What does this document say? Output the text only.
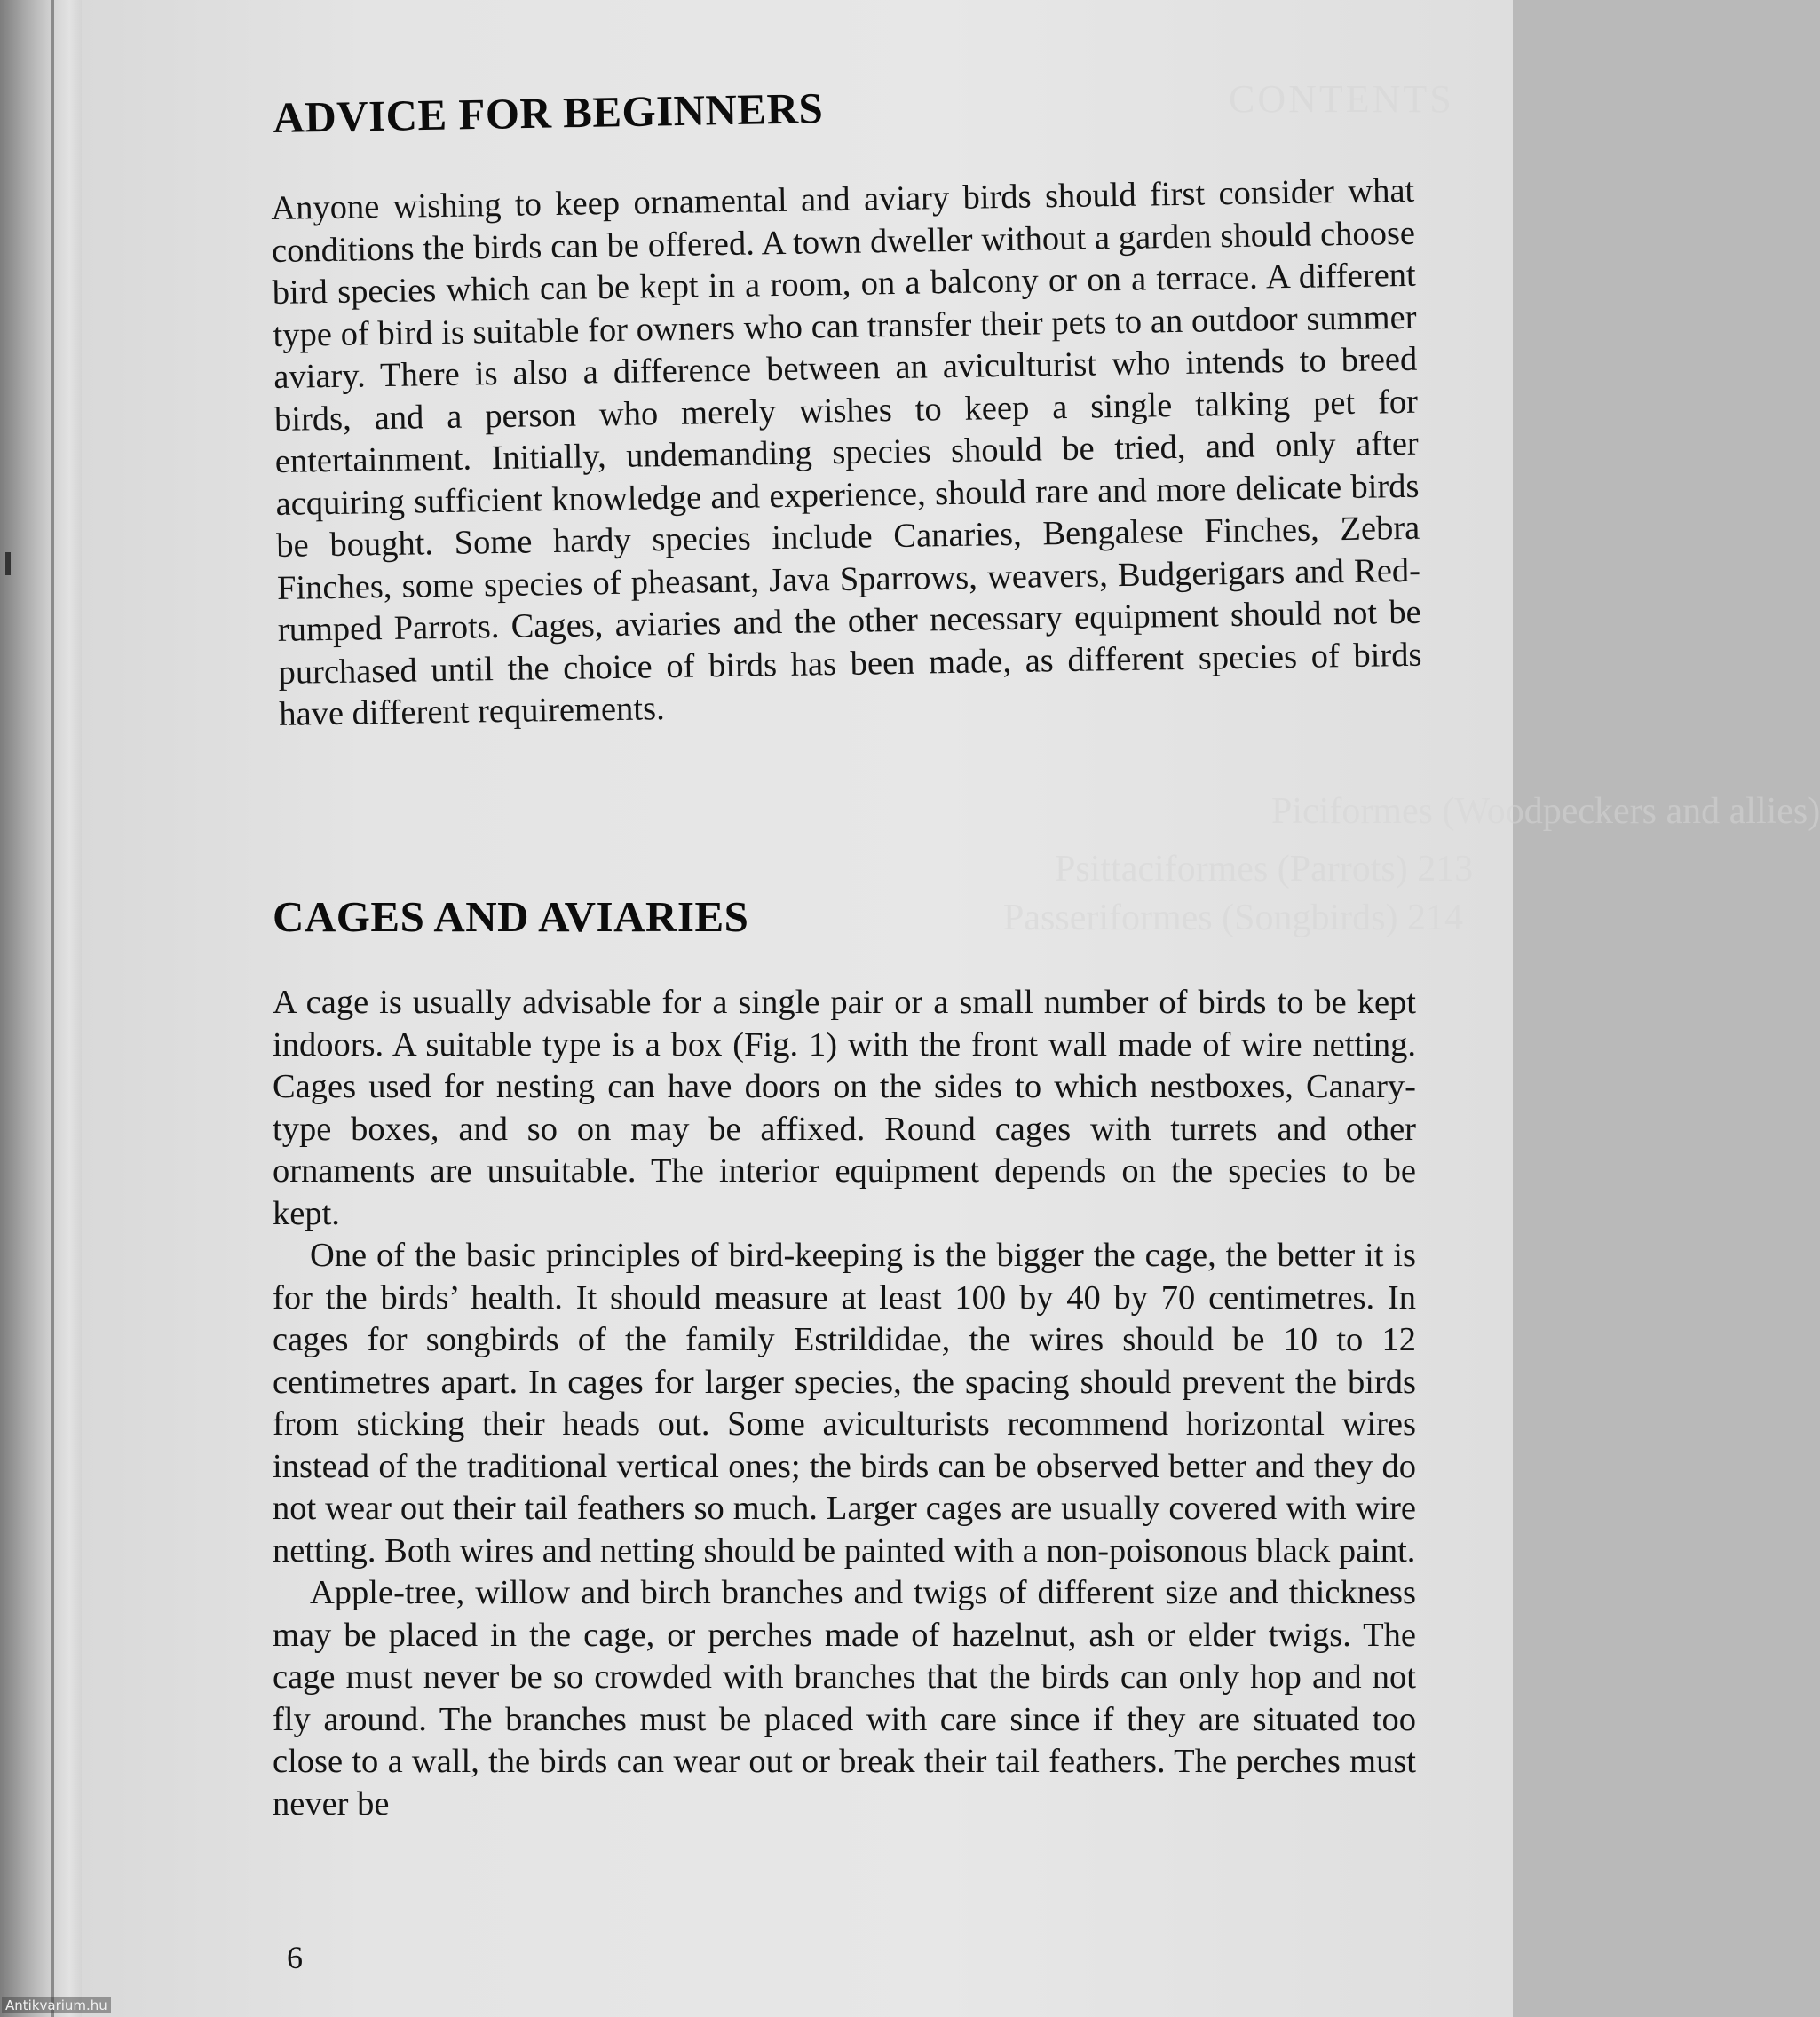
CONTENTS
Piciformes (Woodpeckers and allies)
Psittaciformes (Parrots) 213
Passeriformes (Songbirds) 214
ADVICE FOR BEGINNERS

Anyone wishing to keep ornamental and aviary birds should first consider what conditions the birds can be offered. A town dweller without a garden should choose bird species which can be kept in a room, on a balcony or on a terrace. A different type of bird is suitable for owners who can transfer their pets to an outdoor summer aviary. There is also a difference between an aviculturist who intends to breed birds, and a person who merely wishes to keep a single talking pet for entertainment. Initially, undemanding species should be tried, and only after acquiring sufficient knowledge and experience, should rare and more delicate birds be bought. Some hardy species include Canaries, Bengalese Finches, Zebra Finches, some species of pheasant, Java Sparrows, weavers, Budgerigars and Red-rumped Parrots. Cages, aviaries and the other necessary equipment should not be purchased until the choice of birds has been made, as different species of birds have different requirements.

CAGES AND AVIARIES

A cage is usually advisable for a single pair or a small number of birds to be kept indoors. A suitable type is a box (Fig. 1) with the front wall made of wire netting. Cages used for nesting can have doors on the sides to which nestboxes, Canary-type boxes, and so on may be affixed. Round cages with turrets and other ornaments are unsuitable. The interior equipment depends on the species to be kept.

One of the basic principles of bird-keeping is the bigger the cage, the better it is for the birds’ health. It should measure at least 100 by 40 by 70 centimetres. In cages for songbirds of the family Estrildidae, the wires should be 10 to 12 centimetres apart. In cages for larger species, the spacing should prevent the birds from sticking their heads out. Some aviculturists recommend horizontal wires instead of the traditional vertical ones; the birds can be observed better and they do not wear out their tail feathers so much. Larger cages are usually covered with wire netting. Both wires and netting should be painted with a non-poisonous black paint.

Apple-tree, willow and birch branches and twigs of different size and thickness may be placed in the cage, or perches made of hazelnut, ash or elder twigs. The cage must never be so crowded with branches that the birds can only hop and not fly around. The branches must be placed with care since if they are situated too close to a wall, the birds can wear out or break their tail feathers. The perches must never be

6
Antikvarium.hu
